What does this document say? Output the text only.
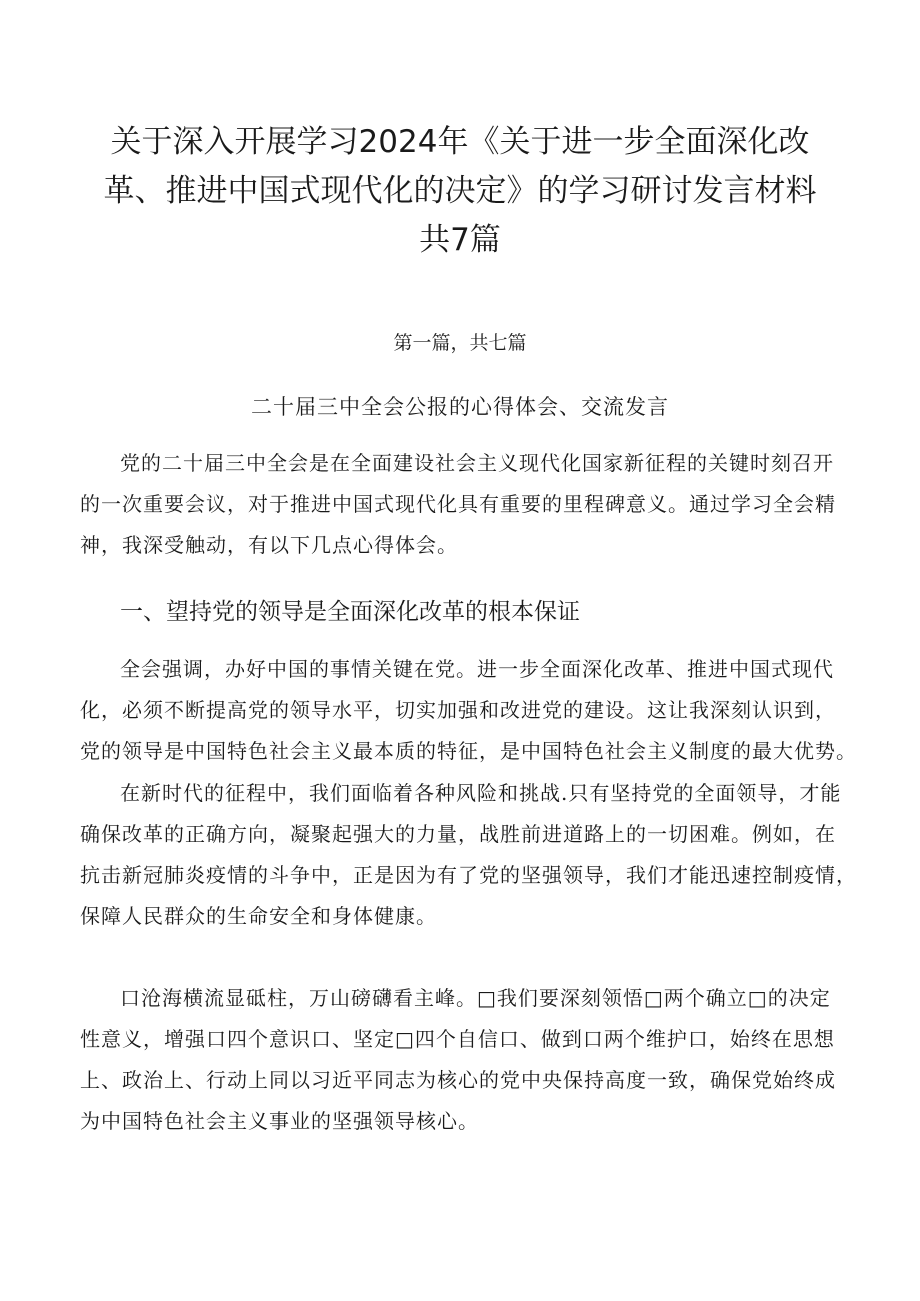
关于深入开展学习2024年《关于进一步全面深化改
革、推进中国式现代化的决定》的学习研讨发言材料
共7篇
第一篇，共七篇
二十届三中全会公报的心得体会、交流发言

党的二十届三中全会是在全面建设社会主义现代化国家新征程的关键时刻召开
的一次重要会议，对于推进中国式现代化具有重要的里程碑意义。通过学习全会精
神，我深受触动，有以下几点心得体会。

一、望持党的领导是全面深化改革的根本保证

全会强调，办好中国的事情关键在党。进一步全面深化改革、推进中国式现代
化，必须不断提高党的领导水平，切实加强和改进党的建设。这让我深刻认识到，
党的领导是中国特色社会主义最本质的特征，是中国特色社会主义制度的最大优势。

在新时代的征程中，我们面临着各种风险和挑战.只有坚持党的全面领导，才能
确保改革的正确方向，凝聚起强大的力量，战胜前进道路上的一切困难。例如，在
抗击新冠肺炎疫情的斗争中，正是因为有了党的坚强领导，我们才能迅速控制疫情，
保障人民群众的生命安全和身体健康。

口沧海横流显砥柱，万山磅礴看主峰。□我们要深刻领悟□两个确立□的决定
性意义，增强口四个意识口、坚定□四个自信口、做到口两个维护口，始终在思想
上、政治上、行动上同以习近平同志为核心的党中央保持高度一致，确保党始终成
为中国特色社会主义事业的坚强领导核心。
